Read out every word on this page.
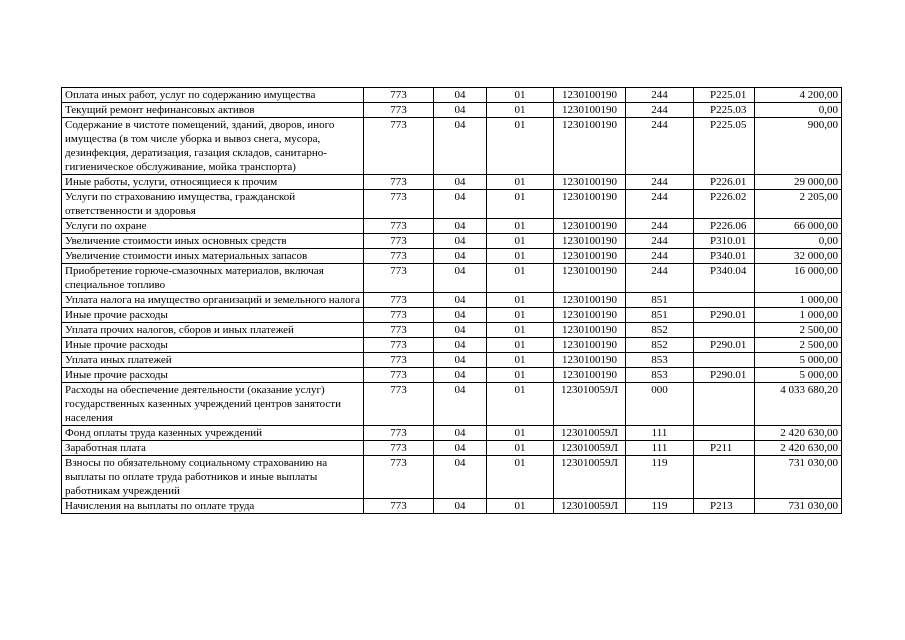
Оплата иных работ, услуг по содержанию имущества	773	04	01	1230100190	244	P225.01	4 200,00
Текущий ремонт нефинансовых активов	773	04	01	1230100190	244	P225.03	0,00
Содержание в чистоте помещений, зданий, дворов, иного имущества (в том числе уборка и вывоз снега, мусора, дезинфекция, дератизация, газация складов, санитарно-гигиеническое обслуживание, мойка транспорта)	773	04	01	1230100190	244	P225.05	900,00
Иные работы, услуги, относящиеся к прочим	773	04	01	1230100190	244	P226.01	29 000,00
Услуги по страхованию имущества, гражданской ответственности и здоровья	773	04	01	1230100190	244	P226.02	2 205,00
Услуги по охране	773	04	01	1230100190	244	P226.06	66 000,00
Увеличение стоимости иных основных средств	773	04	01	1230100190	244	P310.01	0,00
Увеличение стоимости иных материальных запасов	773	04	01	1230100190	244	P340.01	32 000,00
Приобретение горюче-смазочных материалов, включая специальное топливо	773	04	01	1230100190	244	P340.04	16 000,00
Уплата налога на имущество организаций и земельного налога	773	04	01	1230100190	851		1 000,00
Иные прочие расходы	773	04	01	1230100190	851	P290.01	1 000,00
Уплата прочих налогов, сборов и иных платежей	773	04	01	1230100190	852		2 500,00
Иные прочие расходы	773	04	01	1230100190	852	P290.01	2 500,00
Уплата иных платежей	773	04	01	1230100190	853		5 000,00
Иные прочие расходы	773	04	01	1230100190	853	P290.01	5 000,00
Расходы на обеспечение деятельности (оказание услуг) государственных казенных учреждений центров занятости населения	773	04	01	123010059Л	000		4 033 680,20
Фонд оплаты труда казенных учреждений	773	04	01	123010059Л	111		2 420 630,00
Заработная плата	773	04	01	123010059Л	111	P211	2 420 630,00
Взносы по обязательному социальному страхованию на выплаты по оплате труда работников и иные выплаты работникам учреждений	773	04	01	123010059Л	119		731 030,00
Начисления на выплаты по оплате труда	773	04	01	123010059Л	119	P213	731 030,00
